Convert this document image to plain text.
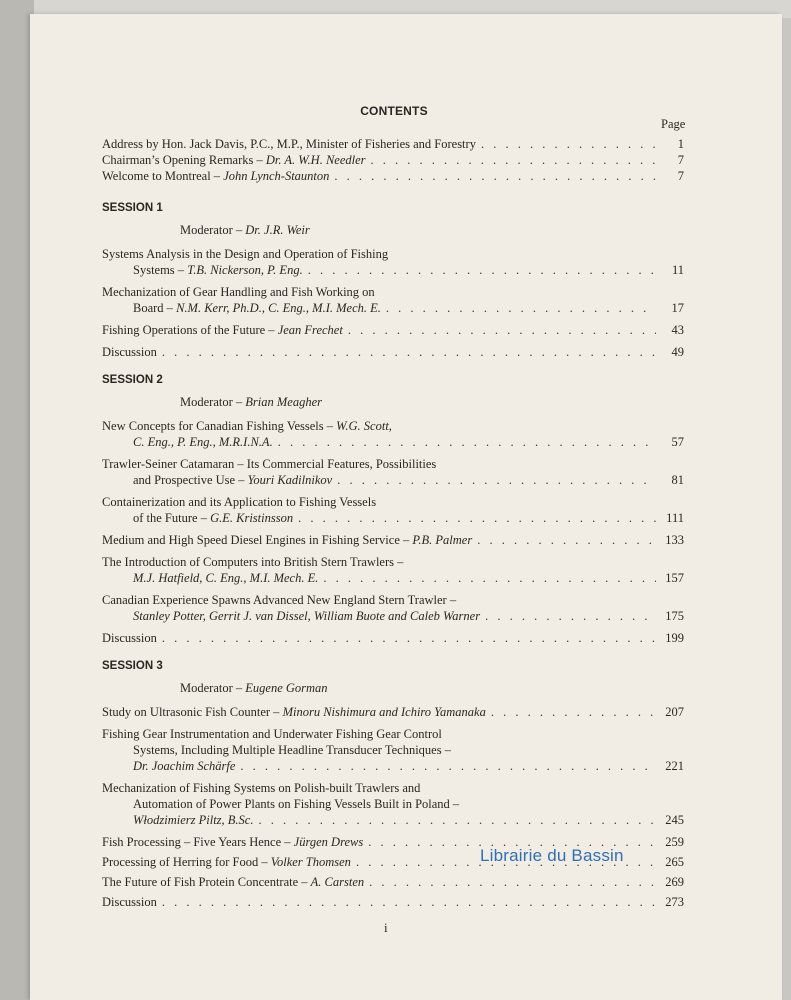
CONTENTS
Page
Address by Hon. Jack Davis, P.C., M.P., Minister of Fisheries and Forestry . . .	1
Chairman’s Opening Remarks – Dr. A. W.H. Needler . . .	7
Welcome to Montreal – John Lynch-Staunton . . .	7
SESSION 1
Moderator – Dr. J.R. Weir
Systems Analysis in the Design and Operation of Fishing
Systems – T.B. Nickerson, P. Eng. . . .	11
Mechanization of Gear Handling and Fish Working on
Board – N.M. Kerr, Ph.D., C. Eng., M.I. Mech. E. . . .	17
Fishing Operations of the Future – Jean Frechet . . .	43
Discussion . . .	49
SESSION 2
Moderator – Brian Meagher
New Concepts for Canadian Fishing Vessels – W.G. Scott,
C. Eng., P. Eng., M.R.I.N.A. . . .	57
Trawler-Seiner Catamaran – Its Commercial Features, Possibilities
and Prospective Use – Youri Kadilnikov . . .	81
Containerization and its Application to Fishing Vessels
of the Future – G.E. Kristinsson . . .	111
Medium and High Speed Diesel Engines in Fishing Service – P.B. Palmer . . .	133
The Introduction of Computers into British Stern Trawlers –
M.J. Hatfield, C. Eng., M.I. Mech. E. . . .	157
Canadian Experience Spawns Advanced New England Stern Trawler –
Stanley Potter, Gerrit J. van Dissel, William Buote and Caleb Warner . . .	175
Discussion . . .	199
SESSION 3
Moderator – Eugene Gorman
Study on Ultrasonic Fish Counter – Minoru Nishimura and Ichiro Yamanaka . . .	207
Fishing Gear Instrumentation and Underwater Fishing Gear Control
Systems, Including Multiple Headline Transducer Techniques –
Dr. Joachim Schärfe . . .	221
Mechanization of Fishing Systems on Polish-built Trawlers and
Automation of Power Plants on Fishing Vessels Built in Poland –
Włodzimierz Piltz, B.Sc. . . .	245
Fish Processing – Five Years Hence – Jürgen Drews . . .	259
Processing of Herring for Food – Volker Thomsen . . .	265
The Future of Fish Protein Concentrate – A. Carsten . . .	269
Discussion . . .	273
Librairie du Bassin
i
